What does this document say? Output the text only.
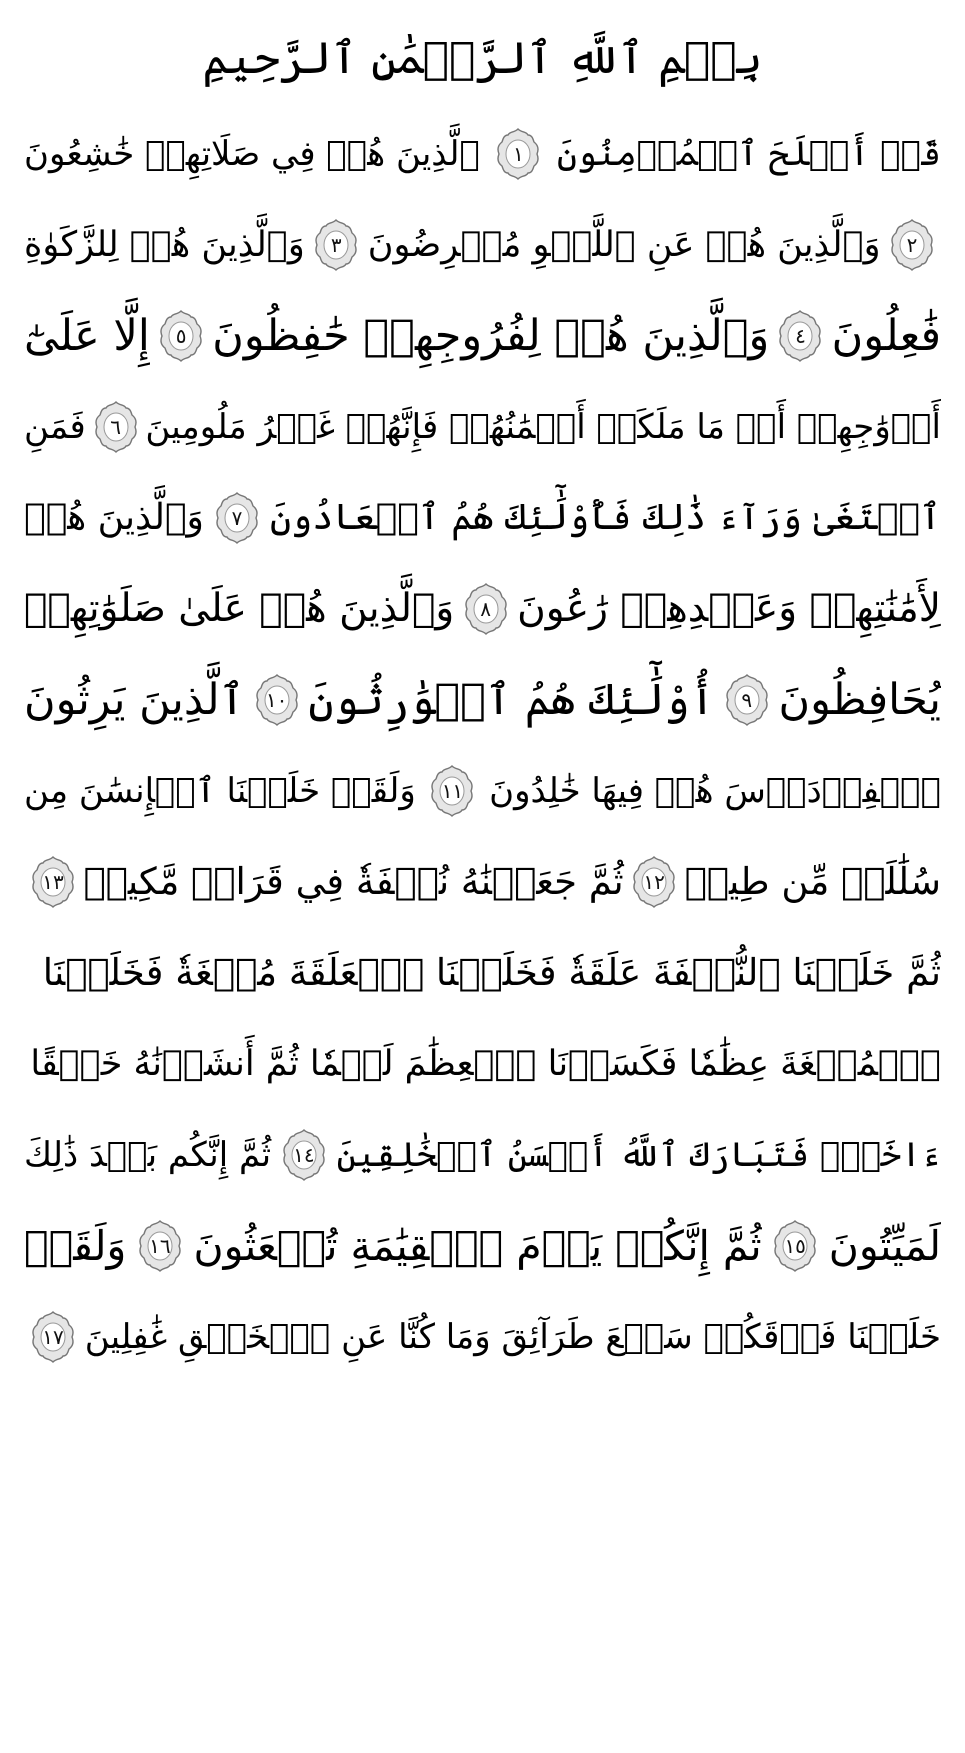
بِسۡمِ ٱللَّهِ ٱلرَّحۡمَٰنِ ٱلرَّحِيمِ
قَدۡ أَفۡلَحَ ٱلۡمُؤۡمِنُونَ
١
ٱلَّذِينَ هُمۡ فِي صَلَاتِهِمۡ خَٰشِعُونَ
٢
وَٱلَّذِينَ هُمۡ عَنِ ٱللَّغۡوِ مُعۡرِضُونَ
٣
وَٱلَّذِينَ هُمۡ لِلزَّكَوٰةِ
فَٰعِلُونَ
٤
وَٱلَّذِينَ هُمۡ لِفُرُوجِهِمۡ حَٰفِظُونَ
٥
إِلَّا عَلَىٰٓ
أَزۡوَٰجِهِمۡ أَوۡ مَا مَلَكَتۡ أَيۡمَٰنُهُمۡ فَإِنَّهُمۡ غَيۡرُ مَلُومِينَ
٦
فَمَنِ
ٱبۡتَغَىٰ وَرَآءَ ذَٰلِكَ فَأُوْلَٰٓئِكَ هُمُ ٱلۡعَادُونَ
٧
وَٱلَّذِينَ هُمۡ
لِأَمَٰنَٰتِهِمۡ وَعَهۡدِهِمۡ رَٰعُونَ
٨
وَٱلَّذِينَ هُمۡ عَلَىٰ صَلَوَٰتِهِمۡ
يُحَافِظُونَ
٩
أُوْلَٰٓئِكَ هُمُ ٱلۡوَٰرِثُونَ
١٠
ٱلَّذِينَ يَرِثُونَ
ٱلۡفِرۡدَوۡسَ هُمۡ فِيهَا خَٰلِدُونَ
١١
وَلَقَدۡ خَلَقۡنَا ٱلۡإِنسَٰنَ مِن
سُلَٰلَةٖ مِّن طِينٖ
١٢
ثُمَّ جَعَلۡنَٰهُ نُطۡفَةٗ فِي قَرَارٖ مَّكِينٖ
١٣
ثُمَّ خَلَقۡنَا ٱلنُّطۡفَةَ عَلَقَةٗ فَخَلَقۡنَا ٱلۡعَلَقَةَ مُضۡغَةٗ فَخَلَقۡنَا
ٱلۡمُضۡغَةَ عِظَٰمٗا فَكَسَوۡنَا ٱلۡعِظَٰمَ لَحۡمٗا ثُمَّ أَنشَأۡنَٰهُ خَلۡقًا
ءَاخَرَۚ فَتَبَارَكَ ٱللَّهُ أَحۡسَنُ ٱلۡخَٰلِقِينَ
١٤
ثُمَّ إِنَّكُم بَعۡدَ ذَٰلِكَ
لَمَيِّتُونَ
١٥
ثُمَّ إِنَّكُمۡ يَوۡمَ ٱلۡقِيَٰمَةِ تُبۡعَثُونَ
١٦
وَلَقَدۡ
خَلَقۡنَا فَوۡقَكُمۡ سَبۡعَ طَرَآئِقَ وَمَا كُنَّا عَنِ ٱلۡخَلۡقِ غَٰفِلِينَ
١٧
